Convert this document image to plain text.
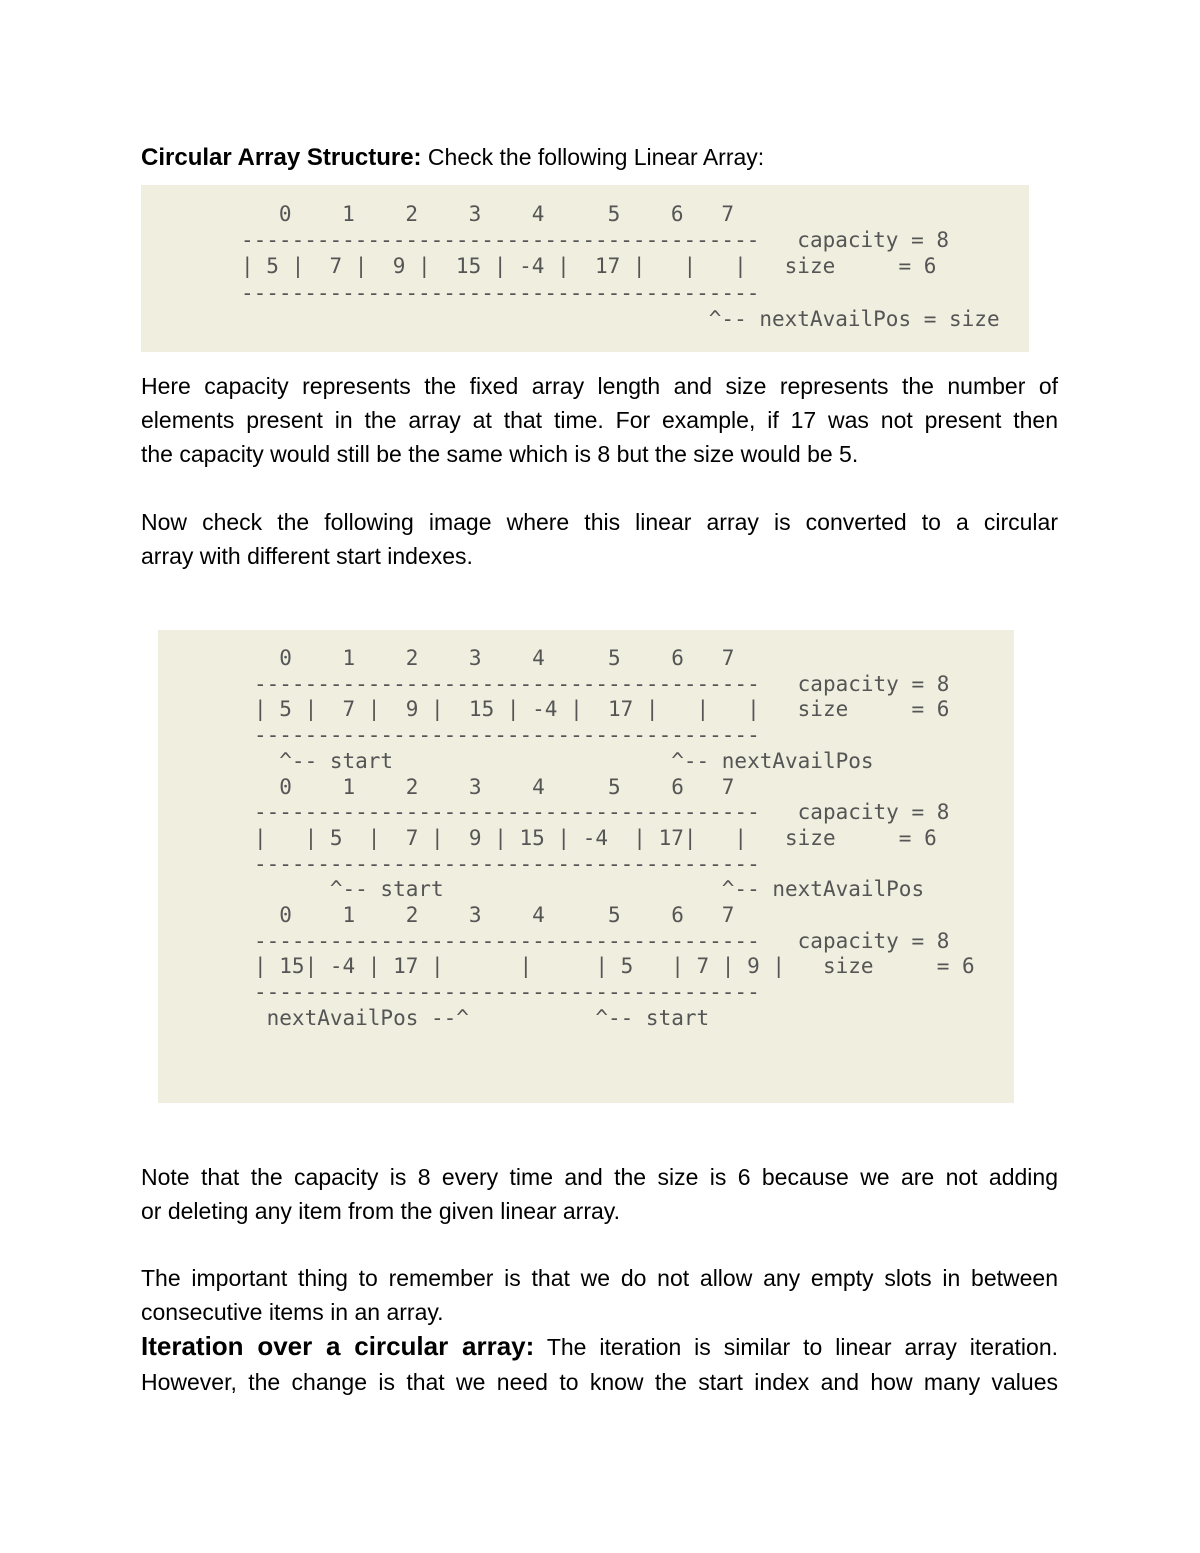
Circular Array Structure: Check the following Linear Array:
0    1    2    3    4     5    6   7
-----------------------------------------   capacity = 8
| 5 |  7 |  9 |  15 | -4 |  17 |   |   |   size     = 6
-----------------------------------------
^-- nextAvailPos = size
Here capacity represents the fixed array length and size represents the number of
elements present in the array at that time. For example, if 17 was not present then
the capacity would still be the same which is 8 but the size would be 5.
Now check the following image where this linear array is converted to a circular
array with different start indexes.
0    1    2    3    4     5    6   7
----------------------------------------   capacity = 8
| 5 |  7 |  9 |  15 | -4 |  17 |   |   |   size     = 6
----------------------------------------
^-- start                      ^-- nextAvailPos
0    1    2    3    4     5    6   7
----------------------------------------   capacity = 8
|   | 5  |  7 |  9 | 15 | -4  | 17|   |   size     = 6
----------------------------------------
^-- start                      ^-- nextAvailPos
0    1    2    3    4     5    6   7
----------------------------------------   capacity = 8
| 15| -4 | 17 |      |     | 5   | 7 | 9 |   size     = 6
----------------------------------------
nextAvailPos --^          ^-- start
Note that the capacity is 8 every time and the size is 6 because we are not adding
or deleting any item from the given linear array.
The important thing to remember is that we do not allow any empty slots in between
consecutive items in an array.
Iteration over a circular array: The iteration is similar to linear array iteration.
However, the change is that we need to know the start index and how many values
